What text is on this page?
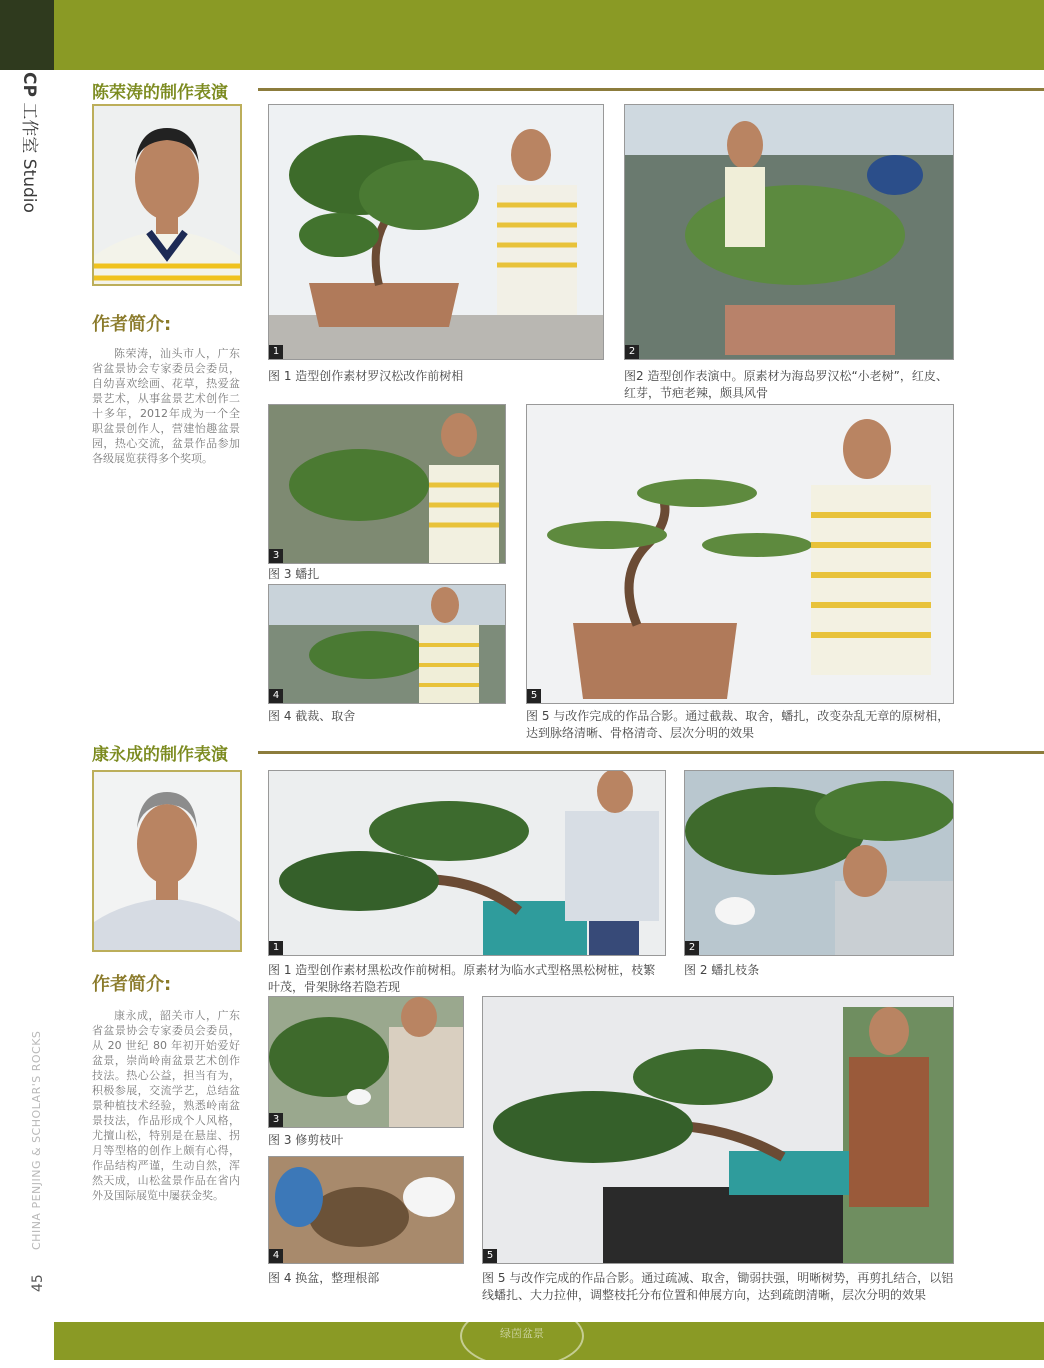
CP 工作室 Studio
CHINA PENJING & SCHOLAR'S ROCKS
45
陈荣涛的制作表演
作者简介:
陈荣涛，汕头市人，广东省盆景协会专家委员会委员，自幼喜欢绘画、花草，热爱盆景艺术，从事盆景艺术创作二十多年，2012年成为一个全职盆景创作人，营建怡趣盆景园，热心交流，盆景作品参加各级展览获得多个奖项。
1
图 1 造型创作素材罗汉松改作前树相
2
图2 造型创作表演中。原素材为海岛罗汉松“小老树”，红皮、红芽，节疤老辣，颇具风骨
3
图 3 蟠扎
4
图 4 截裁、取舍
5
图 5 与改作完成的作品合影。通过截裁、取舍，蟠扎，改变杂乱无章的原树相，达到脉络清晰、骨格清奇、层次分明的效果
康永成的制作表演
作者简介:
康永成，韶关市人，广东省盆景协会专家委员会委员，从 20 世纪 80 年初开始爱好盆景，崇尚岭南盆景艺术创作技法。热心公益，担当有为，积极参展，交流学艺，总结盆景种植技术经验，熟悉岭南盆景技法，作品形成个人风格，尤擅山松，特别是在悬崖、拐月等型格的创作上颇有心得，作品结构严谨，生动自然，浑然天成，山松盆景作品在省内外及国际展览中屡获金奖。
1
图 1 造型创作素材黑松改作前树相。原素材为临水式型格黑松树桩，枝繁叶茂，骨架脉络若隐若现
2
图 2 蟠扎枝条
3
图 3 修剪枝叶
4
图 4 换盆，整理根部
5
图 5 与改作完成的作品合影。通过疏减、取舍，锄弱扶强，明晰树势，再剪扎结合，以铝线蟠扎、大力拉伸，调整枝托分布位置和伸展方向，达到疏朗清晰，层次分明的效果
绿茵盆景
